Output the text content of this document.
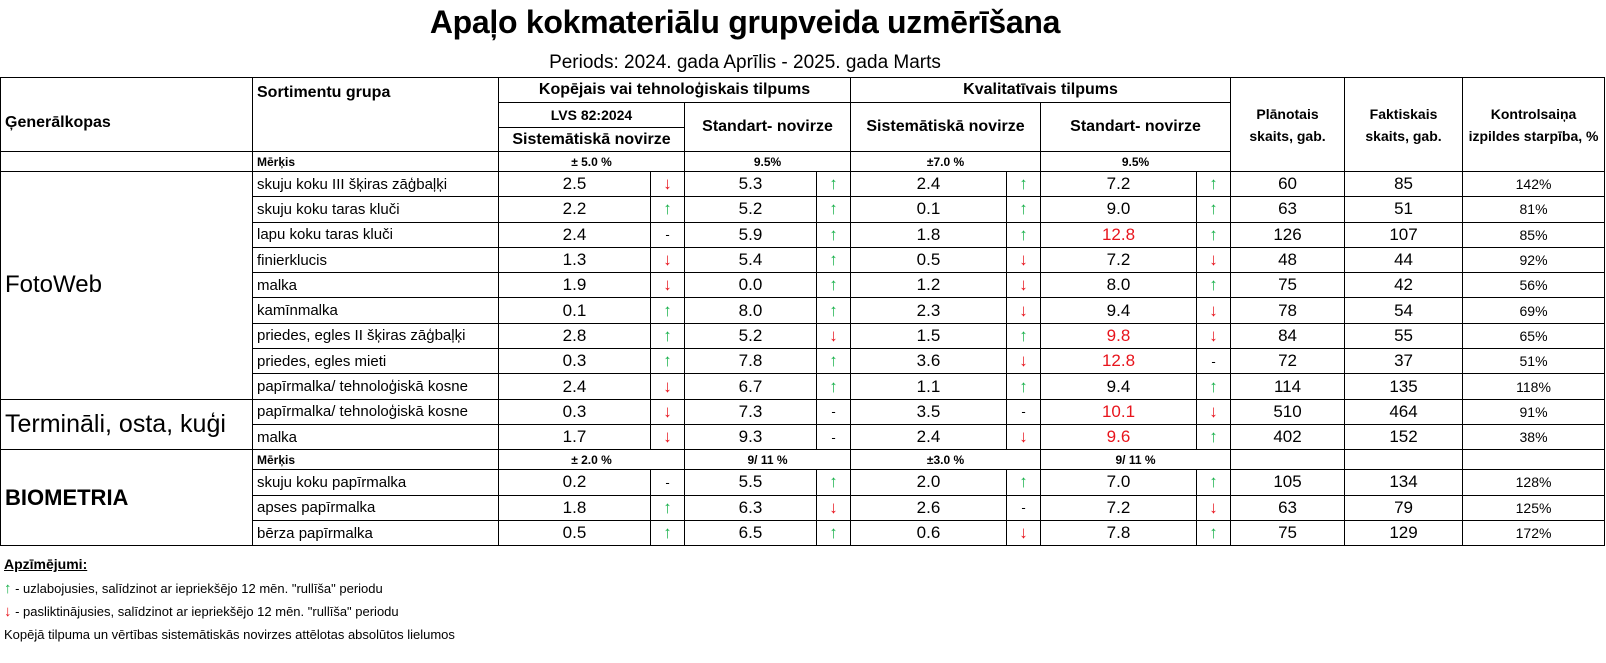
Apaļo kokmateriālu grupveida uzmērīšana
Periods: 2024. gada Aprīlis - 2025. gada Marts
Ģenerālkopas	Sortimentu grupa	Kopējais vai tehnoloģiskais tilpums				Kvalitatīvais tilpums				Plānotais skaits, gab.	Faktiskais skaits, gab.	Kontrolsaiņa izpildes starpība, %
		LVS 82:2024		Standart- novirze		Sistemātiskā novirze		Standart- novirze				
		Sistemātiskā novirze										
	Mērķis	± 5.0 %		9.5%		±7.0 %		9.5%				
FotoWeb	skuju koku III šķiras zāģbaļķi	2.5	↓	5.3	↑	2.4	↑	7.2	↑	60	85	142%
	skuju koku taras kluči	2.2	↑	5.2	↑	0.1	↑	9.0	↑	63	51	81%
	lapu koku taras kluči	2.4	-	5.9	↑	1.8	↑	12.8	↑	126	107	85%
	finierklucis	1.3	↓	5.4	↑	0.5	↓	7.2	↓	48	44	92%
	malka	1.9	↓	0.0	↑	1.2	↓	8.0	↑	75	42	56%
	kamīnmalka	0.1	↑	8.0	↑	2.3	↓	9.4	↓	78	54	69%
	priedes, egles II šķiras zāģbaļķi	2.8	↑	5.2	↓	1.5	↑	9.8	↓	84	55	65%
	priedes, egles mieti	0.3	↑	7.8	↑	3.6	↓	12.8	-	72	37	51%
	papīrmalka/ tehnoloģiskā kosne	2.4	↓	6.7	↑	1.1	↑	9.4	↑	114	135	118%
Termināli, osta, kuģi	papīrmalka/ tehnoloģiskā kosne	0.3	↓	7.3	-	3.5	-	10.1	↓	510	464	91%
	malka	1.7	↓	9.3	-	2.4	↓	9.6	↑	402	152	38%
BIOMETRIA	Mērķis	± 2.0 %		9/ 11 %		±3.0 %		9/ 11 %				
	skuju koku papīrmalka	0.2	-	5.5	↑	2.0	↑	7.0	↑	105	134	128%
	apses papīrmalka	1.8	↑	6.3	↓	2.6	-	7.2	↓	63	79	125%
	bērza papīrmalka	0.5	↑	6.5	↑	0.6	↓	7.8	↑	75	129	172%
Apzīmējumi:
↑ - uzlabojusies, salīdzinot ar iepriekšējo 12 mēn. "rullīša" periodu
↓ - pasliktinājusies, salīdzinot ar iepriekšējo 12 mēn. "rullīša" periodu
Kopējā tilpuma un vērtības sistemātiskās novirzes attēlotas absolūtos lielumos
